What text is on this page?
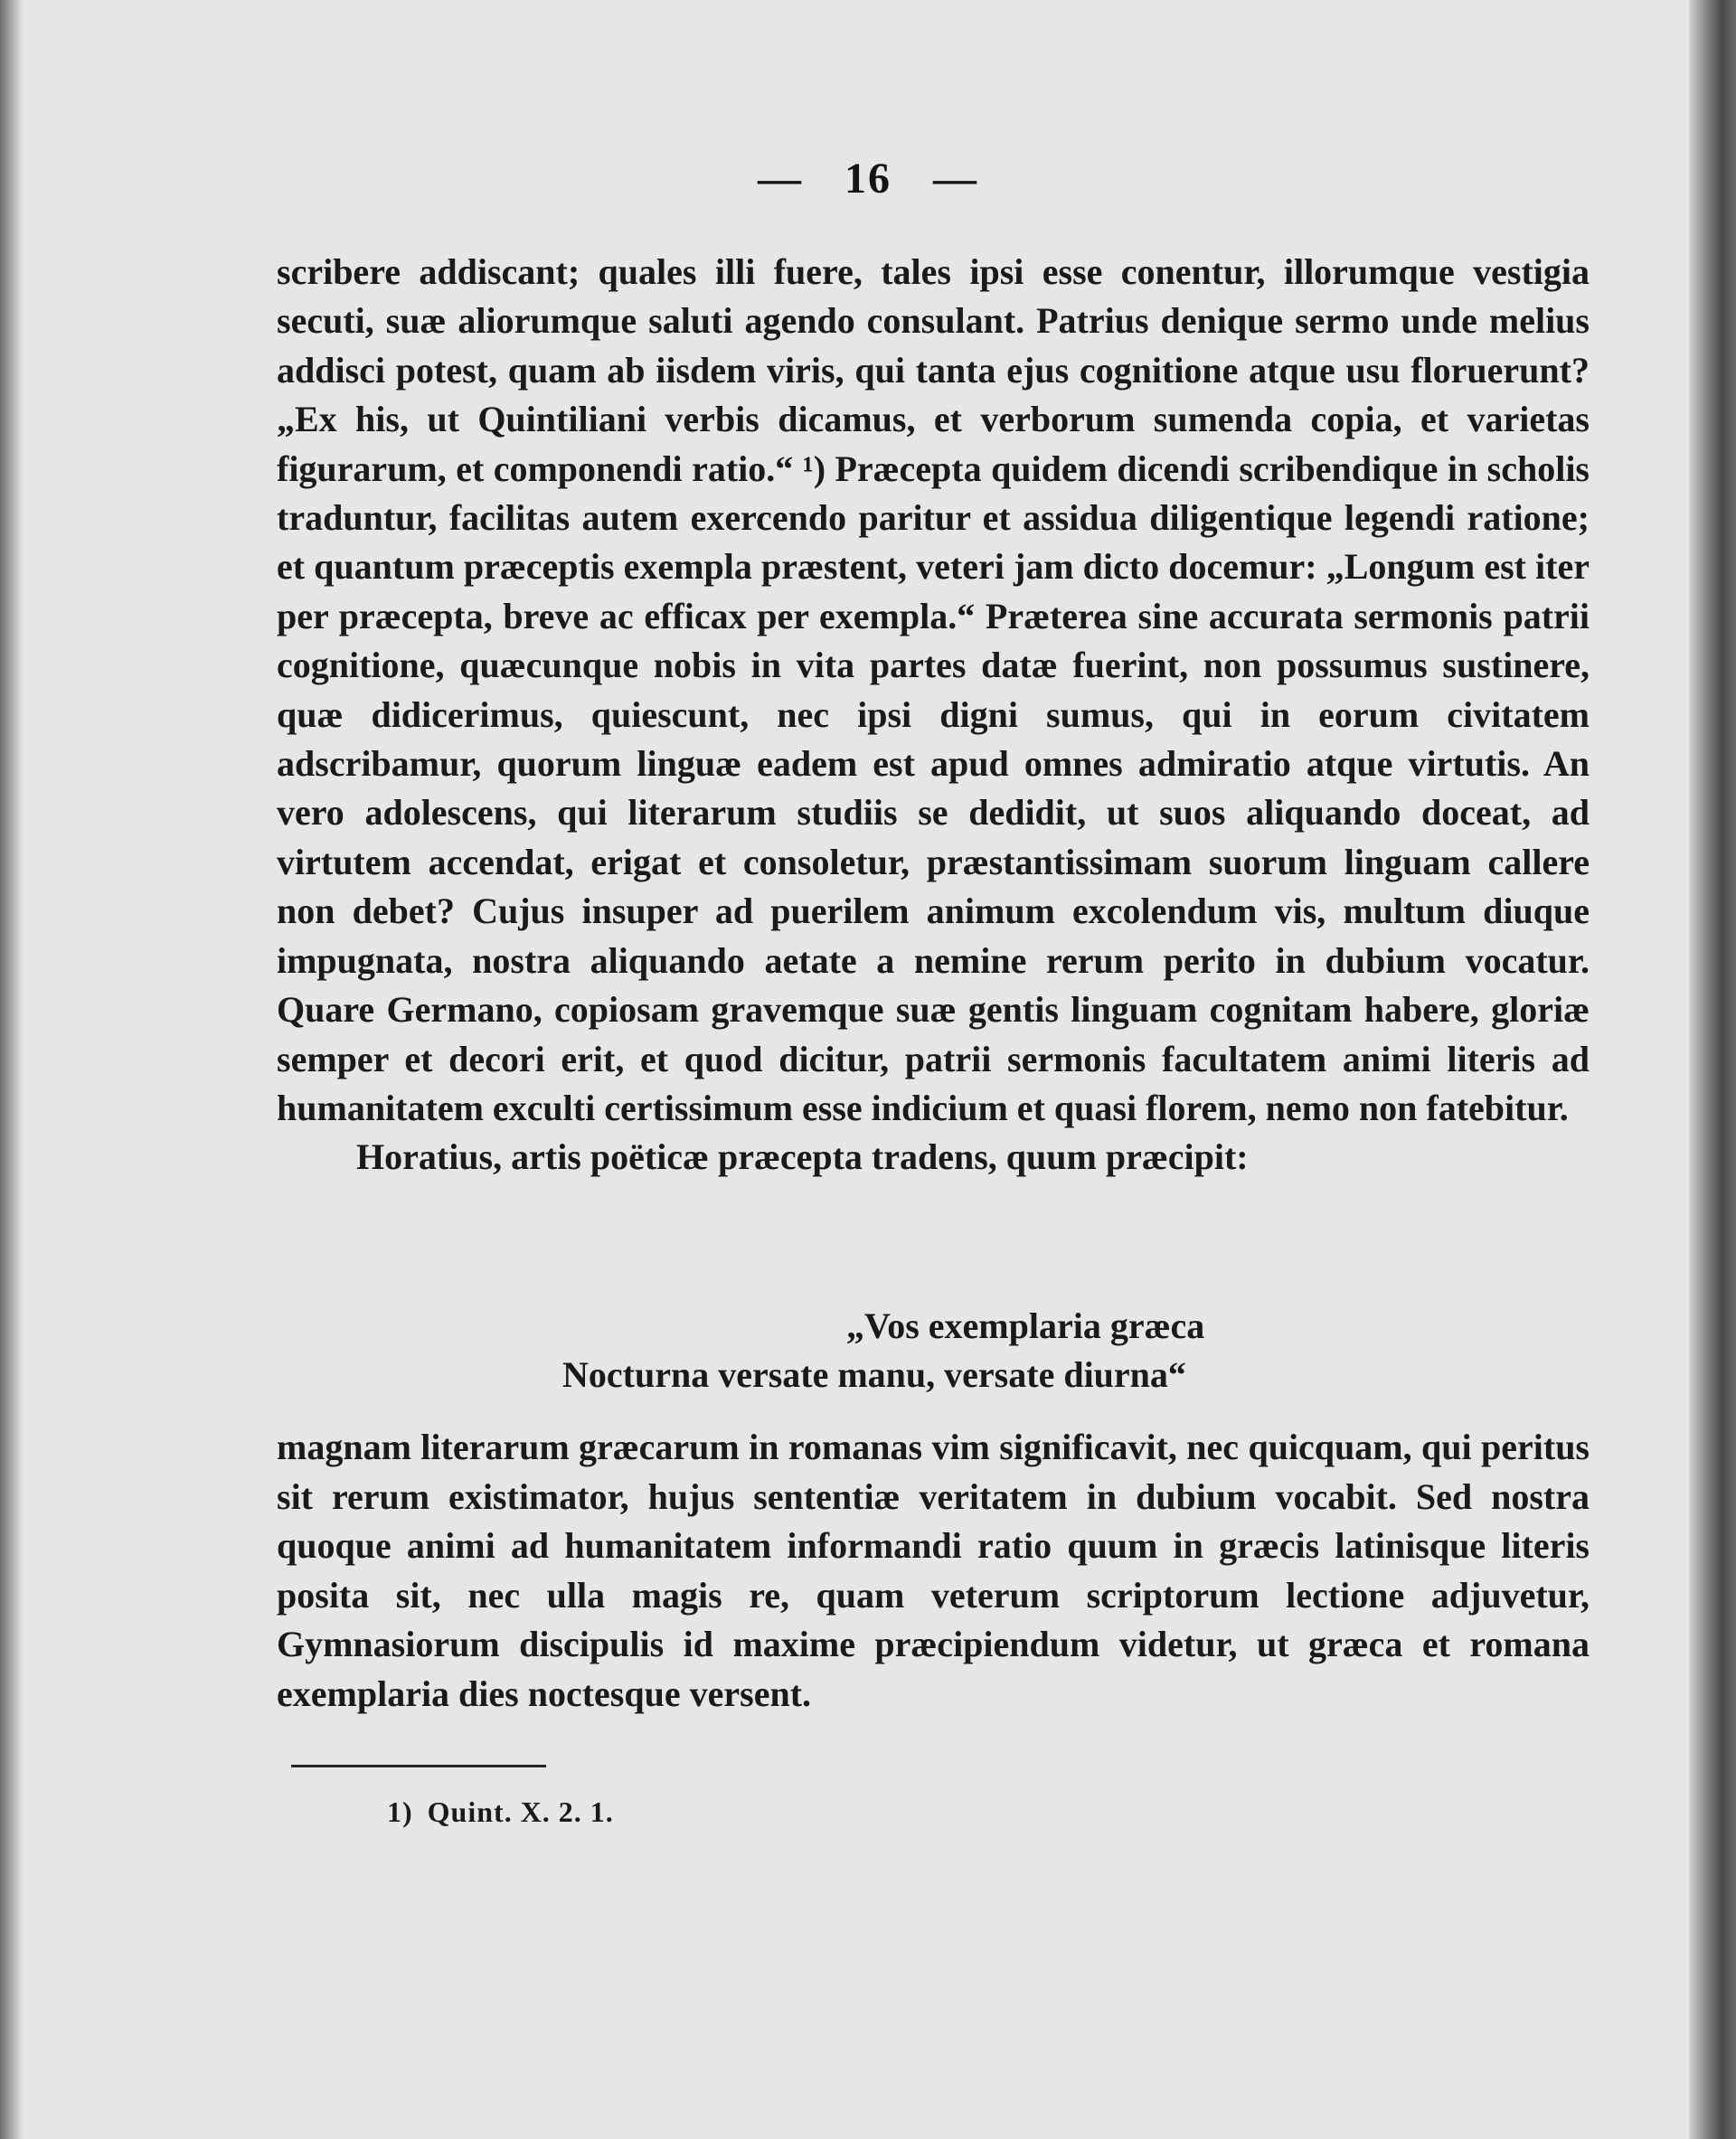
— 16 —

scribere addiscant; quales illi fuere, tales ipsi esse conentur, illorumque vestigia secuti, suæ aliorumque saluti agendo consulant. Patrius denique sermo unde melius addisci potest, quam ab iisdem viris, qui tanta ejus cognitione atque usu floruerunt? „Ex his, ut Quintiliani verbis dicamus, et verborum sumenda copia, et varietas figurarum, et componendi ratio.“ ¹) Præcepta quidem dicendi scribendique in scholis traduntur, facilitas autem exercendo paritur et assidua diligentique legendi ratione; et quantum præceptis exempla præstent, veteri jam dicto docemur: „Longum est iter per præcepta, breve ac efficax per exempla.“ Præterea sine accurata sermonis patrii cognitione, quæcunque nobis in vita partes datæ fuerint, non possumus sustinere, quæ didicerimus, quiescunt, nec ipsi digni sumus, qui in eorum civitatem adscribamur, quorum linguæ eadem est apud omnes admiratio atque virtutis. An vero adolescens, qui literarum studiis se dedidit, ut suos aliquando doceat, ad virtutem accendat, erigat et consoletur, præstantissimam suorum linguam callere non debet? Cujus insuper ad puerilem animum excolendum vis, multum diuque impugnata, nostra aliquando aetate a nemine rerum perito in dubium vocatur. Quare Germano, copiosam gravemque suæ gentis linguam cognitam habere, gloriæ semper et decori erit, et quod dicitur, patrii sermonis facultatem animi literis ad humanitatem exculti certissimum esse indicium et quasi florem, nemo non fatebitur.

Horatius, artis poëticæ præcepta tradens, quum præcipit:

„Vos exemplaria græca
Nocturna versate manu, versate diurna“

magnam literarum græcarum in romanas vim significavit, nec quicquam, qui peritus sit rerum existimator, hujus sententiæ veritatem in dubium vocabit. Sed nostra quoque animi ad humanitatem informandi ratio quum in græcis latinisque literis posita sit, nec ulla magis re, quam veterum scriptorum lectione adjuvetur, Gymnasiorum discipulis id maxime præcipiendum videtur, ut græca et romana exemplaria dies noctesque versent.

1) Quint. X. 2. 1.
